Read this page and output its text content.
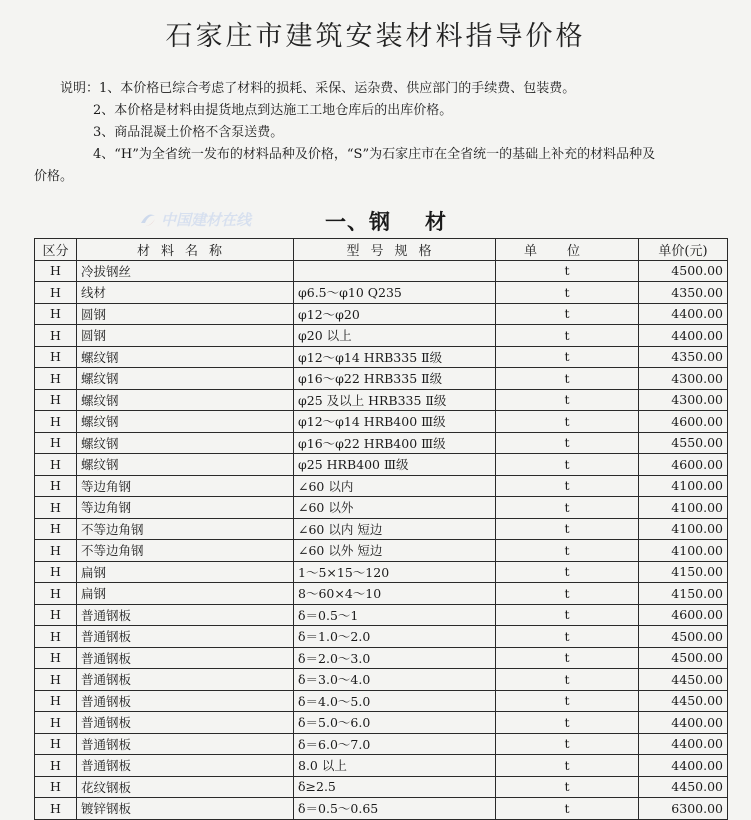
石家庄市建筑安装材料指导价格
说明：1、本价格已综合考虑了材料的损耗、采保、运杂费、供应部门的手续费、包装费。
2、本价格是材料由提货地点到达施工工地仓库后的出库价格。
3、商品混凝土价格不含泵送费。
4、“H”为全省统一发布的材料品种及价格，“S”为石家庄市在全省统一的基础上补充的材料品种及
价格。
中国建材在线	一、钢 材
区分	材料名称	型号规格	单位	单价(元)
H	冷拔钢丝		t	4500.00
H	线材	φ6.5～φ10 Q235	t	4350.00
H	圆钢	φ12～φ20	t	4400.00
H	圆钢	φ20 以上	t	4400.00
H	螺纹钢	φ12～φ14 HRB335 Ⅱ级	t	4350.00
H	螺纹钢	φ16～φ22 HRB335 Ⅱ级	t	4300.00
H	螺纹钢	φ25 及以上 HRB335 Ⅱ级	t	4300.00
H	螺纹钢	φ12～φ14 HRB400 Ⅲ级	t	4600.00
H	螺纹钢	φ16～φ22 HRB400 Ⅲ级	t	4550.00
H	螺纹钢	φ25 HRB400 Ⅲ级	t	4600.00
H	等边角钢	∠60 以内	t	4100.00
H	等边角钢	∠60 以外	t	4100.00
H	不等边角钢	∠60 以内 短边	t	4100.00
H	不等边角钢	∠60 以外 短边	t	4100.00
H	扁钢	1～5×15～120	t	4150.00
H	扁钢	8～60×4～10	t	4150.00
H	普通钢板	δ＝0.5～1	t	4600.00
H	普通钢板	δ＝1.0～2.0	t	4500.00
H	普通钢板	δ＝2.0～3.0	t	4500.00
H	普通钢板	δ＝3.0～4.0	t	4450.00
H	普通钢板	δ＝4.0～5.0	t	4450.00
H	普通钢板	δ＝5.0～6.0	t	4400.00
H	普通钢板	δ＝6.0～7.0	t	4400.00
H	普通钢板	8.0 以上	t	4400.00
H	花纹钢板	δ≥2.5	t	4450.00
H	镀锌钢板	δ＝0.5～0.65	t	6300.00
